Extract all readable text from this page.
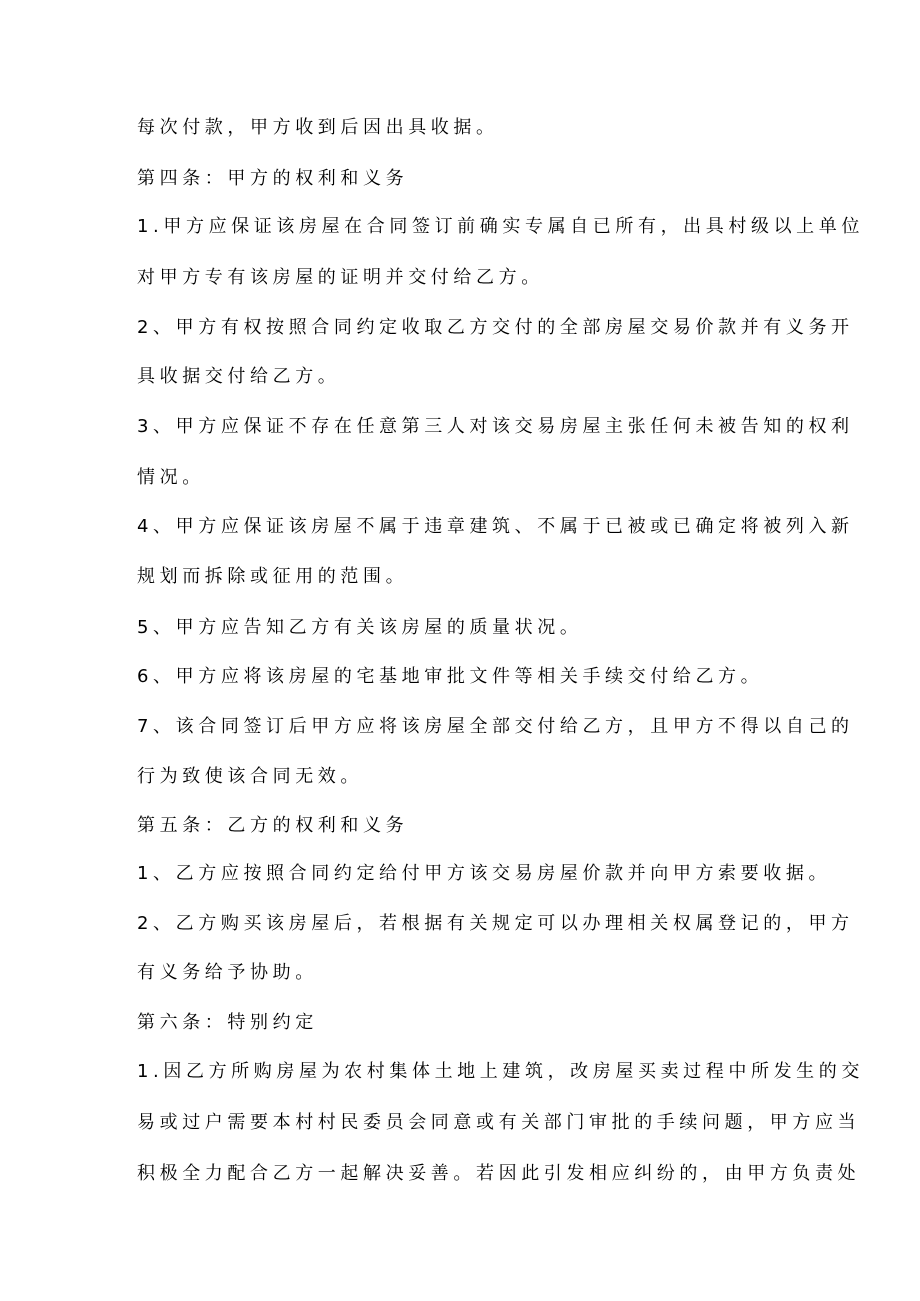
每次付款，甲方收到后因出具收据。
第四条：甲方的权利和义务
1.甲方应保证该房屋在合同签订前确实专属自已所有，出具村级以上单位
对甲方专有该房屋的证明并交付给乙方。
2、甲方有权按照合同约定收取乙方交付的全部房屋交易价款并有义务开
具收据交付给乙方。
3、甲方应保证不存在任意第三人对该交易房屋主张任何未被告知的权利
情况。
4、甲方应保证该房屋不属于违章建筑、不属于已被或已确定将被列入新
规划而拆除或征用的范围。
5、甲方应告知乙方有关该房屋的质量状况。
6、甲方应将该房屋的宅基地审批文件等相关手续交付给乙方。
7、该合同签订后甲方应将该房屋全部交付给乙方，且甲方不得以自己的
行为致使该合同无效。
第五条：乙方的权利和义务
1、乙方应按照合同约定给付甲方该交易房屋价款并向甲方索要收据。
2、乙方购买该房屋后，若根据有关规定可以办理相关权属登记的，甲方
有义务给予协助。
第六条：特别约定
1.因乙方所购房屋为农村集体土地上建筑，改房屋买卖过程中所发生的交
易或过户需要本村村民委员会同意或有关部门审批的手续问题，甲方应当
积极全力配合乙方一起解决妥善。若因此引发相应纠纷的，由甲方负责处
